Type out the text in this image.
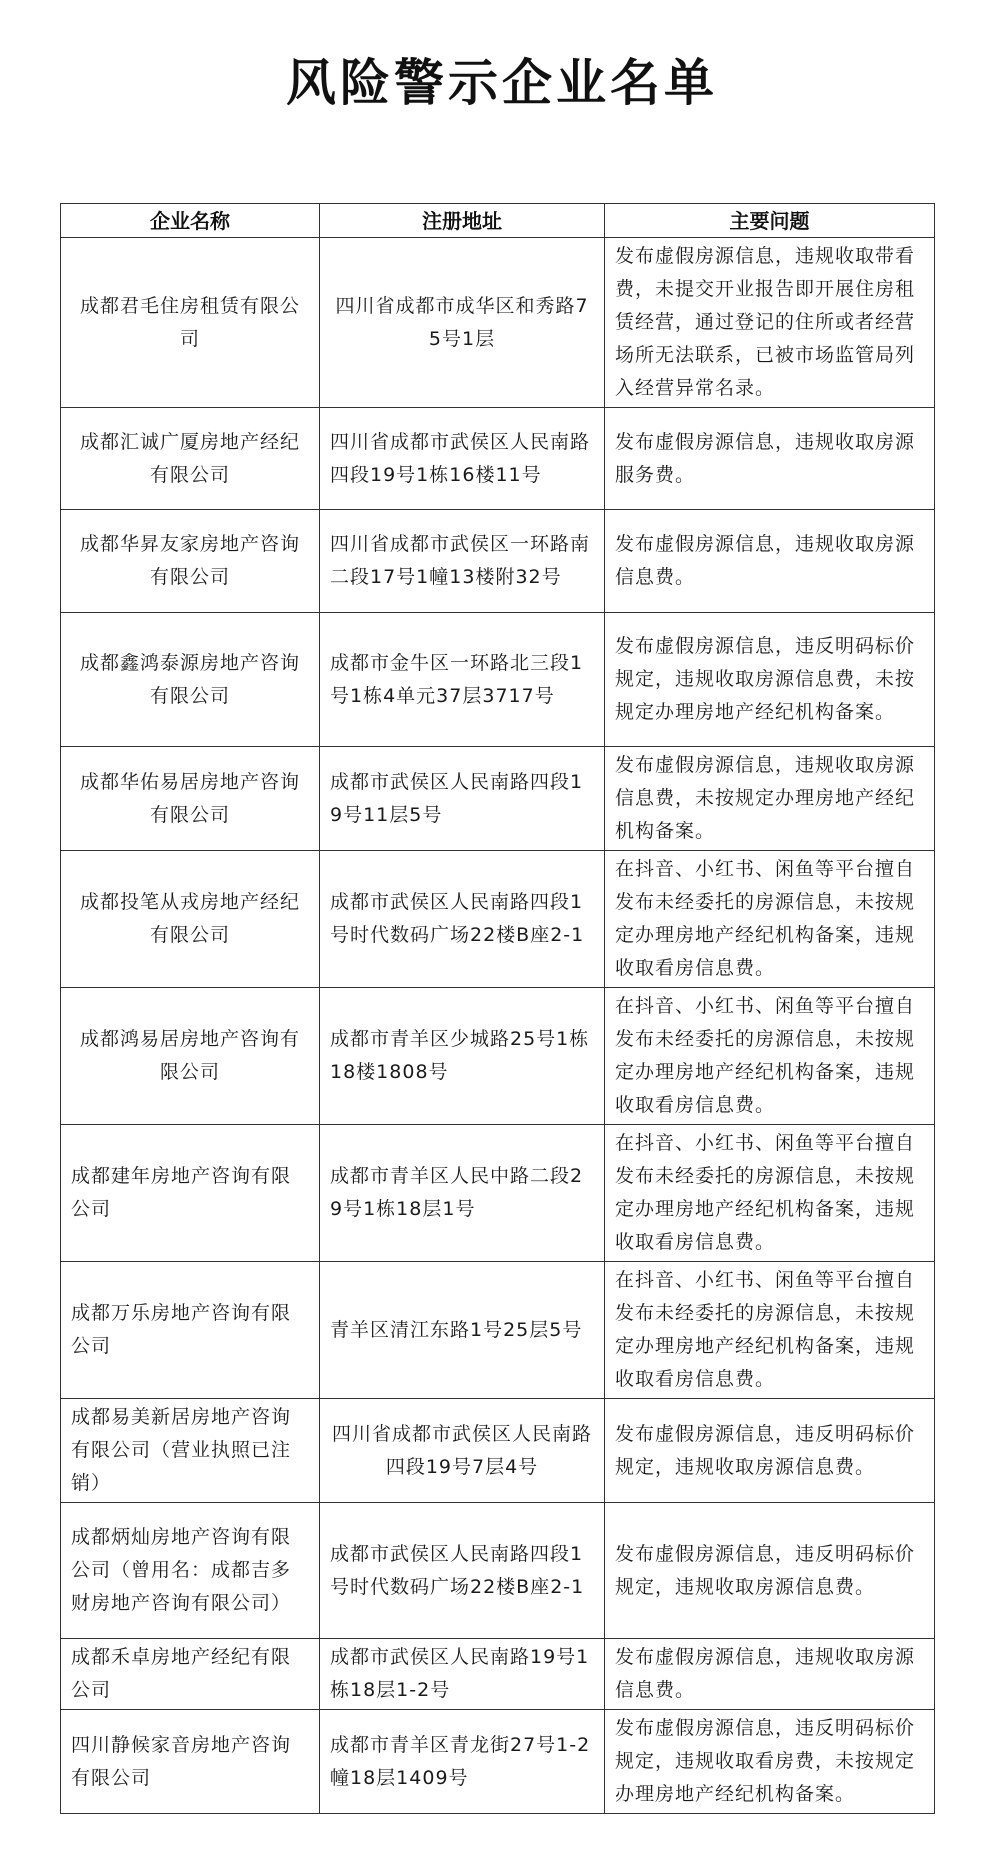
风险警示企业名单
企业名称	注册地址	主要问题
成都君毛住房租赁有限公司	四川省成都市成华区和秀路75号1层	发布虚假房源信息，违规收取带看费，未提交开业报告即开展住房租赁经营，通过登记的住所或者经营场所无法联系，已被市场监管局列入经营异常名录。
成都汇诚广厦房地产经纪有限公司	四川省成都市武侯区人民南路四段19号1栋16楼11号	发布虚假房源信息，违规收取房源服务费。
成都华昇友家房地产咨询有限公司	四川省成都市武侯区一环路南二段17号1幢13楼附32号	发布虚假房源信息，违规收取房源信息费。
成都鑫鸿泰源房地产咨询有限公司	成都市金牛区一环路北三段1号1栋4单元37层3717号	发布虚假房源信息，违反明码标价规定，违规收取房源信息费，未按规定办理房地产经纪机构备案。
成都华佑易居房地产咨询有限公司	成都市武侯区人民南路四段19号11层5号	发布虚假房源信息，违规收取房源信息费，未按规定办理房地产经纪机构备案。
成都投笔从戎房地产经纪有限公司	成都市武侯区人民南路四段1号时代数码广场22楼B座2-1	在抖音、小红书、闲鱼等平台擅自发布未经委托的房源信息，未按规定办理房地产经纪机构备案，违规收取看房信息费。
成都鸿易居房地产咨询有限公司	成都市青羊区少城路25号1栋18楼1808号	在抖音、小红书、闲鱼等平台擅自发布未经委托的房源信息，未按规定办理房地产经纪机构备案，违规收取看房信息费。
成都建年房地产咨询有限公司	成都市青羊区人民中路二段29号1栋18层1号	在抖音、小红书、闲鱼等平台擅自发布未经委托的房源信息，未按规定办理房地产经纪机构备案，违规收取看房信息费。
成都万乐房地产咨询有限公司	青羊区清江东路1号25层5号	在抖音、小红书、闲鱼等平台擅自发布未经委托的房源信息，未按规定办理房地产经纪机构备案，违规收取看房信息费。
成都易美新居房地产咨询有限公司（营业执照已注销）	四川省成都市武侯区人民南路四段19号7层4号	发布虚假房源信息，违反明码标价规定，违规收取房源信息费。
成都炳灿房地产咨询有限公司（曾用名：成都吉多财房地产咨询有限公司）	成都市武侯区人民南路四段1号时代数码广场22楼B座2-1	发布虚假房源信息，违反明码标价规定，违规收取房源信息费。
成都禾卓房地产经纪有限公司	成都市武侯区人民南路19号1栋18层1-2号	发布虚假房源信息，违规收取房源信息费。
四川静候家音房地产咨询有限公司	成都市青羊区青龙街27号1-2幢18层1409号	发布虚假房源信息，违反明码标价规定，违规收取看房费，未按规定办理房地产经纪机构备案。
